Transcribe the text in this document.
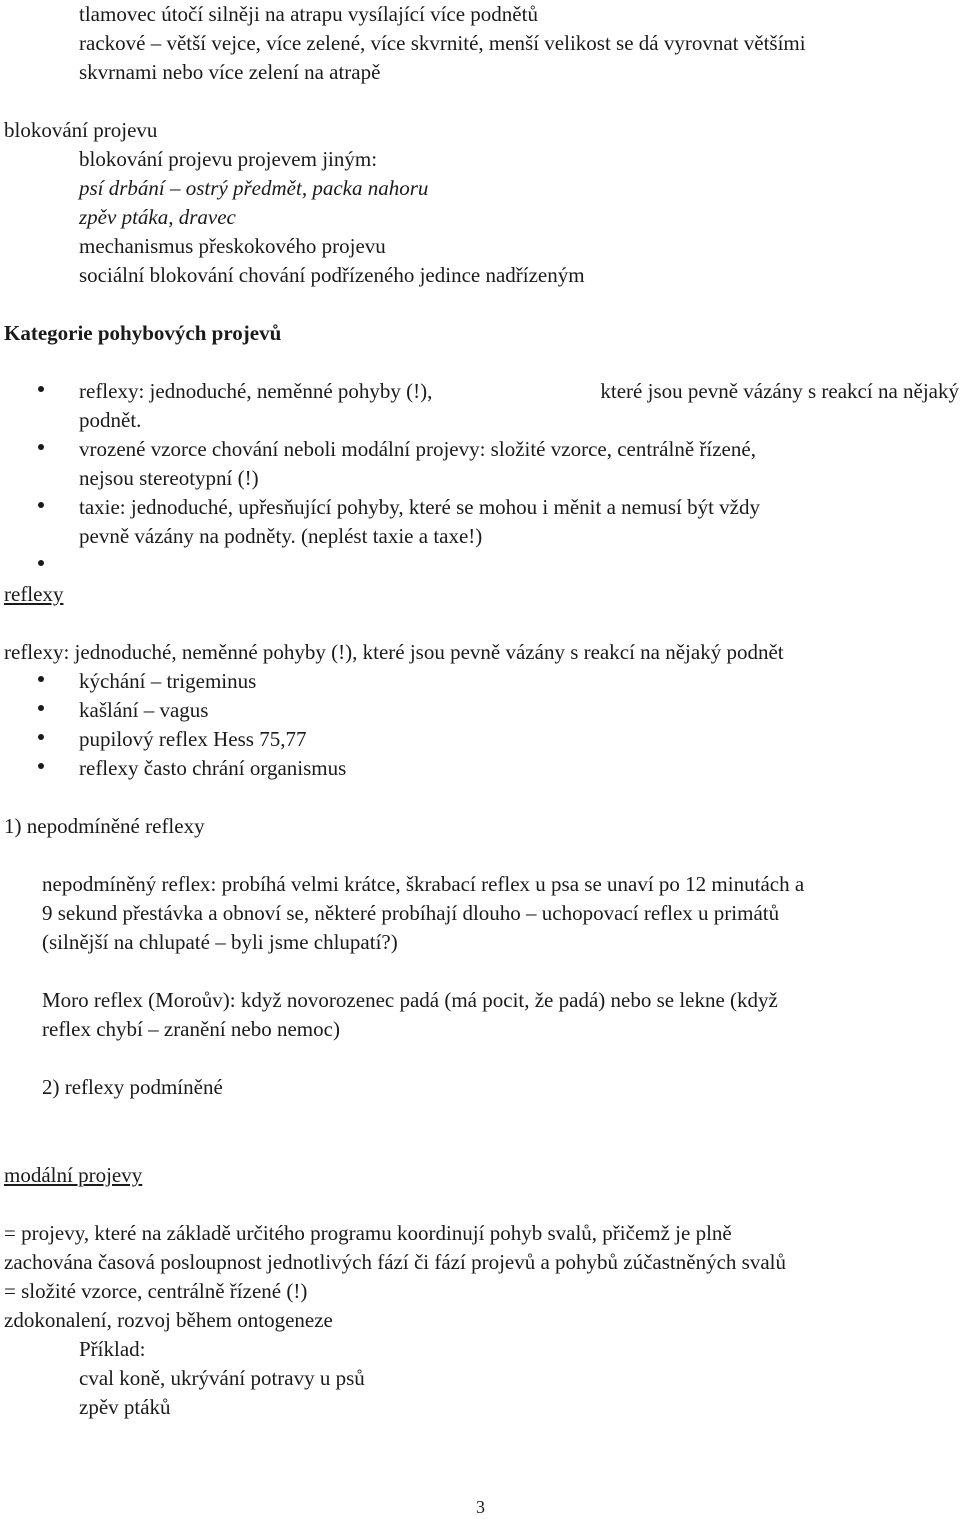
tlamovec útočí silněji na atrapu vysílající více podnětů
rackové – větší vejce, více zelené, více skvrnité, menší velikost se dá vyrovnat většími
skvrnami nebo více zelení na atrapě
blokování projevu
blokování projevu projevem jiným:
psí drbání – ostrý předmět, packa nahoru
zpěv ptáka, dravec
mechanismus přeskokového projevu
sociální blokování chování podřízeného jedince nadřízeným
Kategorie pohybových projevů
reflexy: jednoduché, neměnné pohyby (!),	které jsou pevně vázány s reakcí na nějaký
podnět.
vrozené vzorce chování neboli modální projevy: složité vzorce, centrálně řízené,
nejsou stereotypní (!)
taxie: jednoduché, upřesňující pohyby, které se mohou i měnit a nemusí být vždy
pevně vázány na podněty. (neplést taxie a taxe!)
reflexy
reflexy: jednoduché, neměnné pohyby (!), které jsou pevně vázány s reakcí na nějaký podnět
kýchání – trigeminus
kašlání – vagus
pupilový reflex Hess 75,77
reflexy často chrání organismus
1) nepodmíněné reflexy
nepodmíněný reflex: probíhá velmi krátce, škrabací reflex u psa se unaví po 12 minutách a
9 sekund přestávka a obnoví se, některé probíhají dlouho – uchopovací reflex u primátů
(silnější na chlupaté – byli jsme chlupatí?)
Moro reflex (Moroův): když novorozenec padá (má pocit, že padá) nebo se lekne (když
reflex chybí – zranění nebo nemoc)
2) reflexy podmíněné
modální projevy
= projevy, které na základě určitého programu koordinují pohyb svalů, přičemž je plně
zachována časová posloupnost jednotlivých fází či fází projevů a pohybů zúčastněných svalů
= složité vzorce, centrálně řízené (!)
zdokonalení, rozvoj během ontogeneze
Příklad:
cval koně, ukrývání potravy u psů
zpěv ptáků
3
